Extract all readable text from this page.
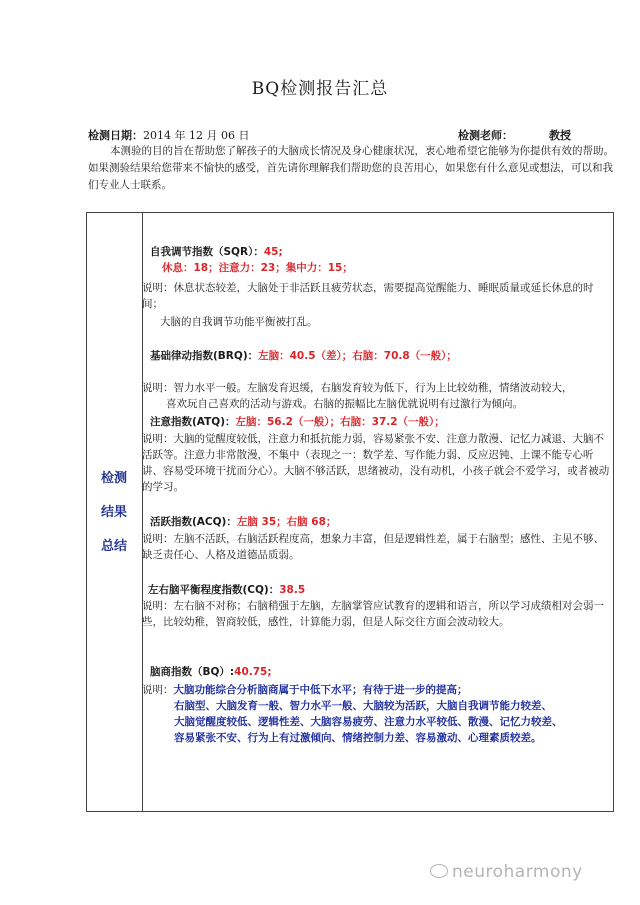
BQ检测报告汇总
检测日期：2014 年 12 月 06 日	检测老师：	教授
本测验的目的旨在帮助您了解孩子的大脑成长情况及身心健康状况，衷心地希望它能够为你提供有效的帮助。如果测验结果给您带来不愉快的感受，首先请你理解我们帮助您的良苦用心，如果您有什么意见或想法，可以和我们专业人士联系。
检测
结果
总结
自我调节指数（SQR）：45;
休息：18；注意力：23；集中力：15；
说明：休息状态较差，大脑处于非活跃且疲劳状态，需要提高觉醒能力、睡眠质量或延长休息的时间；
大脑的自我调节功能平衡被打乱。
基础律动指数(BRQ)：左脑：40.5（差）；右脑：70.8（一般）；
说明：智力水平一般。左脑发育迟缓，右脑发育较为低下，行为上比较幼稚，情绪波动较大，
喜欢玩自己喜欢的活动与游戏。右脑的振幅比左脑优就说明有过激行为倾向。
注意指数(ATQ)：左脑：56.2（一般）；右脑：37.2（一般）；
说明：大脑的觉醒度较低，注意力和抵抗能力弱，容易紧张不安、注意力散漫、记忆力减退、大脑不活跃等。注意力非常散漫，不集中（表现之一：数学差、写作能力弱、反应迟钝、上课不能专心听讲、容易受环境干扰而分心）。大脑不够活跃，思绪被动，没有动机，小孩子就会不爱学习，或者被动的学习。
活跃指数(ACQ)：左脑 35；右脑 68；
说明：左脑不活跃，右脑活跃程度高，想象力丰富，但是逻辑性差，属于右脑型；感性、主见不够、缺乏责任心、人格及道德品质弱。
左右脑平衡程度指数(CQ)：38.5
说明：左右脑不对称；右脑稍强于左脑，左脑掌管应试教育的逻辑和语言，所以学习成绩相对会弱一些，比较幼稚，智商较低，感性，计算能力弱，但是人际交往方面会波动较大。
脑商指数（BQ）:40.75;
说明：大脑功能综合分析脑商属于中低下水平；有待于进一步的提高；
右脑型、大脑发育一般、智力水平一般、大脑较为活跃，大脑自我调节能力较差、
大脑觉醒度较低、逻辑性差、大脑容易疲劳、注意力水平较低、散漫、记忆力较差、
容易紧张不安、行为上有过激倾向、情绪控制力差、容易激动、心理素质较差。
neuroharmony
